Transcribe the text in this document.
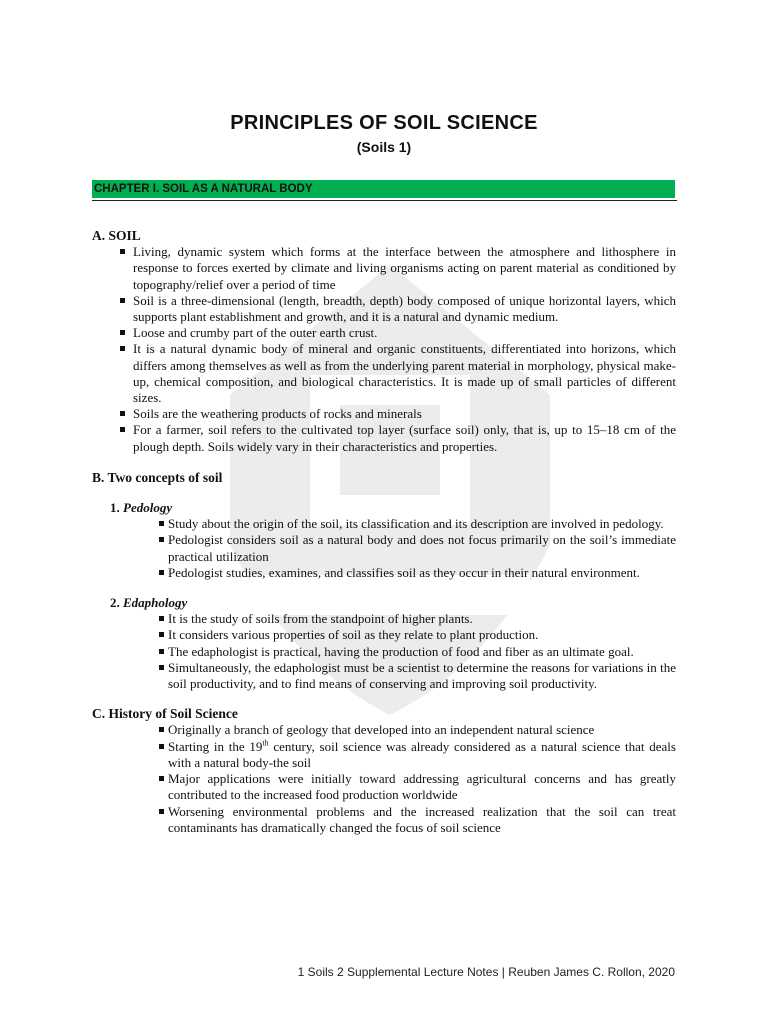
PRINCIPLES OF SOIL SCIENCE
(Soils 1)
CHAPTER I. SOIL AS A NATURAL BODY

A. SOIL

Living, dynamic system which forms at the interface between the atmosphere and lithosphere in response to forces exerted by climate and living organisms acting on parent material as conditioned by topography/relief over a period of time
Soil is a three-dimensional (length, breadth, depth) body composed of unique horizontal layers, which supports plant establishment and growth, and it is a natural and dynamic medium.
Loose and crumby part of the outer earth crust.
It is a natural dynamic body of mineral and organic constituents, differentiated into horizons, which differs among themselves as well as from the underlying parent material in morphology, physical make-up, chemical composition, and biological characteristics. It is made up of small particles of different sizes.
Soils are the weathering products of rocks and minerals
For a farmer, soil refers to the cultivated top layer (surface soil) only, that is, up to 15–18 cm of the plough depth. Soils widely vary in their characteristics and properties.

B. Two concepts of soil

1. Pedology

Study about the origin of the soil, its classification and its description are involved in pedology.
Pedologist considers soil as a natural body and does not focus primarily on the soil’s immediate practical utilization
Pedologist studies, examines, and classifies soil as they occur in their natural environment.

2. Edaphology

It is the study of soils from the standpoint of higher plants.
It considers various properties of soil as they relate to plant production.
The edaphologist is practical, having the production of food and fiber as an ultimate goal.
Simultaneously, the edaphologist must be a scientist to determine the reasons for variations in the soil productivity, and to find means of conserving and improving soil productivity.

C. History of Soil Science

Originally a branch of geology that developed into an independent natural science
Starting in the 19th century, soil science was already considered as a natural science that deals with a natural body-the soil
Major applications were initially toward addressing agricultural concerns and has greatly contributed to the increased food production worldwide
Worsening environmental problems and the increased realization that the soil can treat contaminants has dramatically changed the focus of soil science
1 Soils 2 Supplemental Lecture Notes | Reuben James C. Rollon, 2020
